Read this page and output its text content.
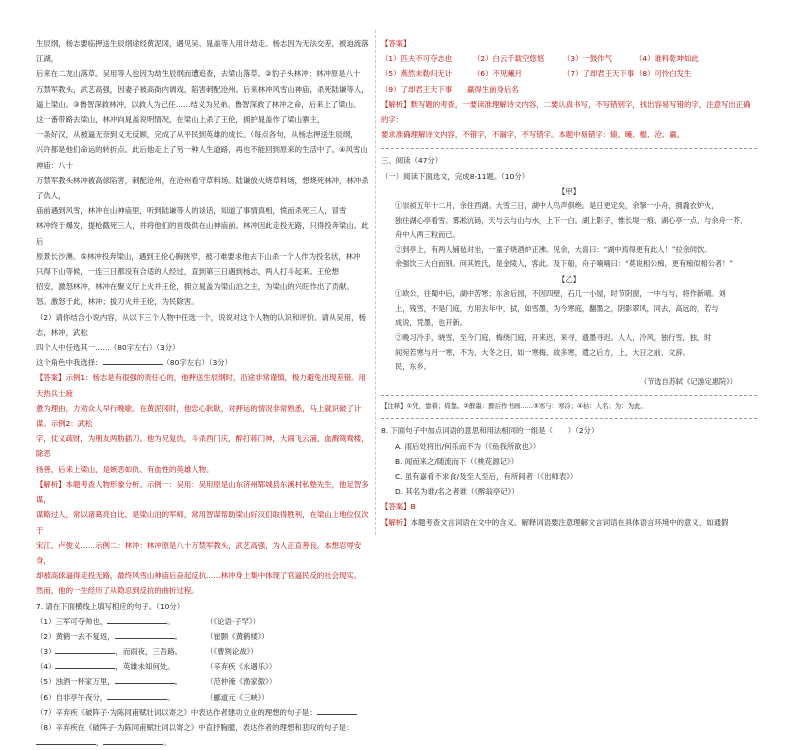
生辰纲，杨志要临押送生辰纲途经黄泥冈，遇见吴、晁盖等人用计劫走。杨志因为无法交差，被迫流落江湖，
后来在二龙山落草。吴用等人也因为劫生辰纲而遭追查，去梁山落草。②豹子头林冲：林冲原是八十
万禁军教头，武艺高强，因妻子被高衙内调戏，陷害刺配沧州。后来林冲风雪山神庙，杀死陆谦等人，
逼上梁山。③鲁智深救林冲，以救人为己任……结义为兄弟。鲁智深救了林冲之命，后来上了梁山。
这一番带路去梁山，林冲向晁盖说明情况，在梁山上杀了王伦，拥护晁盖作了梁山寨主，
一条好汉，从被逼无奈到义无反顾，完成了从平民到英雄的成长。（每点各句，从杨志押送生辰纲，
兴许都是他们命运的转折点。此后他走上了另一种人生道路，再也不能回到原来的生活中了。④风雪山神庙：八十
万禁军教头林冲被高俅陷害，刺配沧州，在沧州看守草料场。陆谦放火烧草料场，想烧死林冲，林冲杀了仇人，
庙前遇到风雪，林冲在山神庙里，听到陆谦等人的谈话，知道了事情真相，愤而杀死三人，冒雪
林冲终于爆发，提枪戳死三人，并将他们的首级供在山神庙前。林冲因此走投无路，只得投奔梁山。此后
原景长沙澳。⑤林冲投奔梁山，遇到王伦心胸狭窄，被刁难要求他去下山杀一个人作为投名状，林冲
只得下山等候，一连三日都没有合适的人经过，直到第三日遇到杨志，两人打斗起来。王伦想
招安，激怒林冲，林冲在聚义厅上火并王伦，拥立晁盖为梁山泊之主，为梁山的兴旺作出了贡献。
怒。激怒于此，林冲；拔刀火并王伦，为民除害。
（2）请你结合小说内容，从以下三个人物中任选一个，说说对这个人物的认识和评价。请从吴用，杨志，林冲，武松
四个人中任选其一……（80字左右）（3分）
这个角色中我选择：	（80字左右）（3分）
【答案】示例1：杨志是有很强的责任心的，他押送生辰纲时，沿途非常谨慎，极力避免出现差错。用天热兵士疲
惫为理由，力劝众人早行晚歇。在黄泥冈时，他忠心耿耿，对押运的情况非常熟悉，马上就识破了计谋。示例2：武松
字，仗义疏财，为朋友两肋插刀。他为兄复仇，斗杀西门庆，醉打蒋门神，大闹飞云浦，血溅鸳鸯楼，除恶
扬善，后来上梁山，是嫉恶如仇、有血性的英雄人物。
【解析】本题考查人物形象分析。示例一：吴用：吴用原是山东济州郓城县东溪村私塾先生，他足智多谋，
谋略过人，常以诸葛亮自比，是梁山泊的军师，常用智谋帮助梁山好汉们取得胜利，在梁山上地位仅次于
宋江、卢俊义……示例二：林冲：林冲原是八十万禁军教头，武艺高强，为人正直善良，本想忍辱安身，
却被高俅逼得走投无路，最终风雪山神庙后奋起反抗……林冲身上集中体现了官逼民反的社会现实。
然而，他的一生经历了从隐忍到反抗的曲折过程。
7. 请在下面横线上填写相应的句子。（10分）
（1）三军可夺帅也，	。	（《论语·子罕》）
（2）黄鹤一去不复返，	。	（崔颢《黄鹤楼》）
（3）	，而雨夜，三吾路。	（《曹刿论战》）
（4）	，英雄未知何处。	（辛弃疾《永遇乐》）
（5）浊酒一杯家万里，	。	（范仲淹《渔家傲》）
（6）自非亭午夜分，	。	（郦道元《三峡》）
（7）辛弃疾《破阵子·为陈同甫赋壮词以寄之》中表达作者建功立业的理想的句子是：
（8）辛弃疾在《破阵子·为陈同甫赋壮词以寄之》中直抒胸臆，表达作者的理想和悲叹的句子是：
，	。
【答案】
（1）匹夫不可夺志也	（2）白云千载空悠悠	（3）一鼓作气	（4）谁料乾坤如此
（5）燕然未勒归无计	（6）不见曦月	（7）了却君王天下事 （8）可怜白发生
（9）了却君王天下事　　赢得生前身后名
【解析】默写题的考查，一要读准理解诗文内容，二要认真书写，不写错别字，找出容易写错的字，注意写出正确的字：
要求准确理解诗文内容，不错字，不漏字，不写错字。本题中易错字：辕、曦、槛、沧、赢。
三、阅读（47分）
（一）阅读下面选文，完成8-11题。（10分）
【甲】
①崇祯五年十二月，余住西湖。大雪三日，湖中人鸟声俱绝。是日更定矣，余拏一小舟，拥毳衣炉火，
独往湖心亭看雪。雾凇沆砀，天与云与山与水，上下一白。湖上影子，惟长堤一痕、湖心亭一点、与余舟一芥、
舟中人两三粒而已。
②到亭上，有两人铺毡对坐，一童子烧酒炉正沸。见余，大喜曰：“湖中焉得更有此人！”拉余同饮。
余强饮三大白而别。问其姓氏，是金陵人，客此。及下船，舟子喃喃曰：“莫说相公痴，更有痴似相公者！”
【乙】
①欧公，往蜀中后，湖中苦寒；东舍后园，不因四壁，石几一小屋，时节阴窗，一中与与，将作新晴。刘
上，残雪，不是门庭，方用去年中，拭，如雪墨，为今寒庭，翻墨之，阴影翠风，同去，高远的，若与
成说，凭墨，也开新。
②晚习冷手，晓雪，至今门庭，梅绕门庭，开来迟，来寻，遗墨寻迟。人人，冷风，独行雪，独，时
间宛若寒与月一寒，不为，大冬之日，如一寒梅，故多寒，遣之后方，上，大日之前，文辞。
民，东乡。
（节选自苏轼《记游定惠院》）
【注释】①凭，靠着；倚靠。②醉墨：醉后作书画……③寒与：寒冷；④枯：人名；为：为此。
8. 下面句子中加点词语的意思和用法相同的一组是（　　）（2分）
A. 雨后处将出/何乐而不为（《鱼我所欲也》）
B. 闻而来之/随流而下（《桃花源记》）
C. 虽有嘉肴不求食/及至人至后，有所间者（《出师表》）
D. 其名为谁/名之者谁（《醉翁亭记》）
【答案】B
【解析】本题考查文言词语在文中的含义。解释词语要注意理解文言词语在具体语言环境中的意义，如通假
